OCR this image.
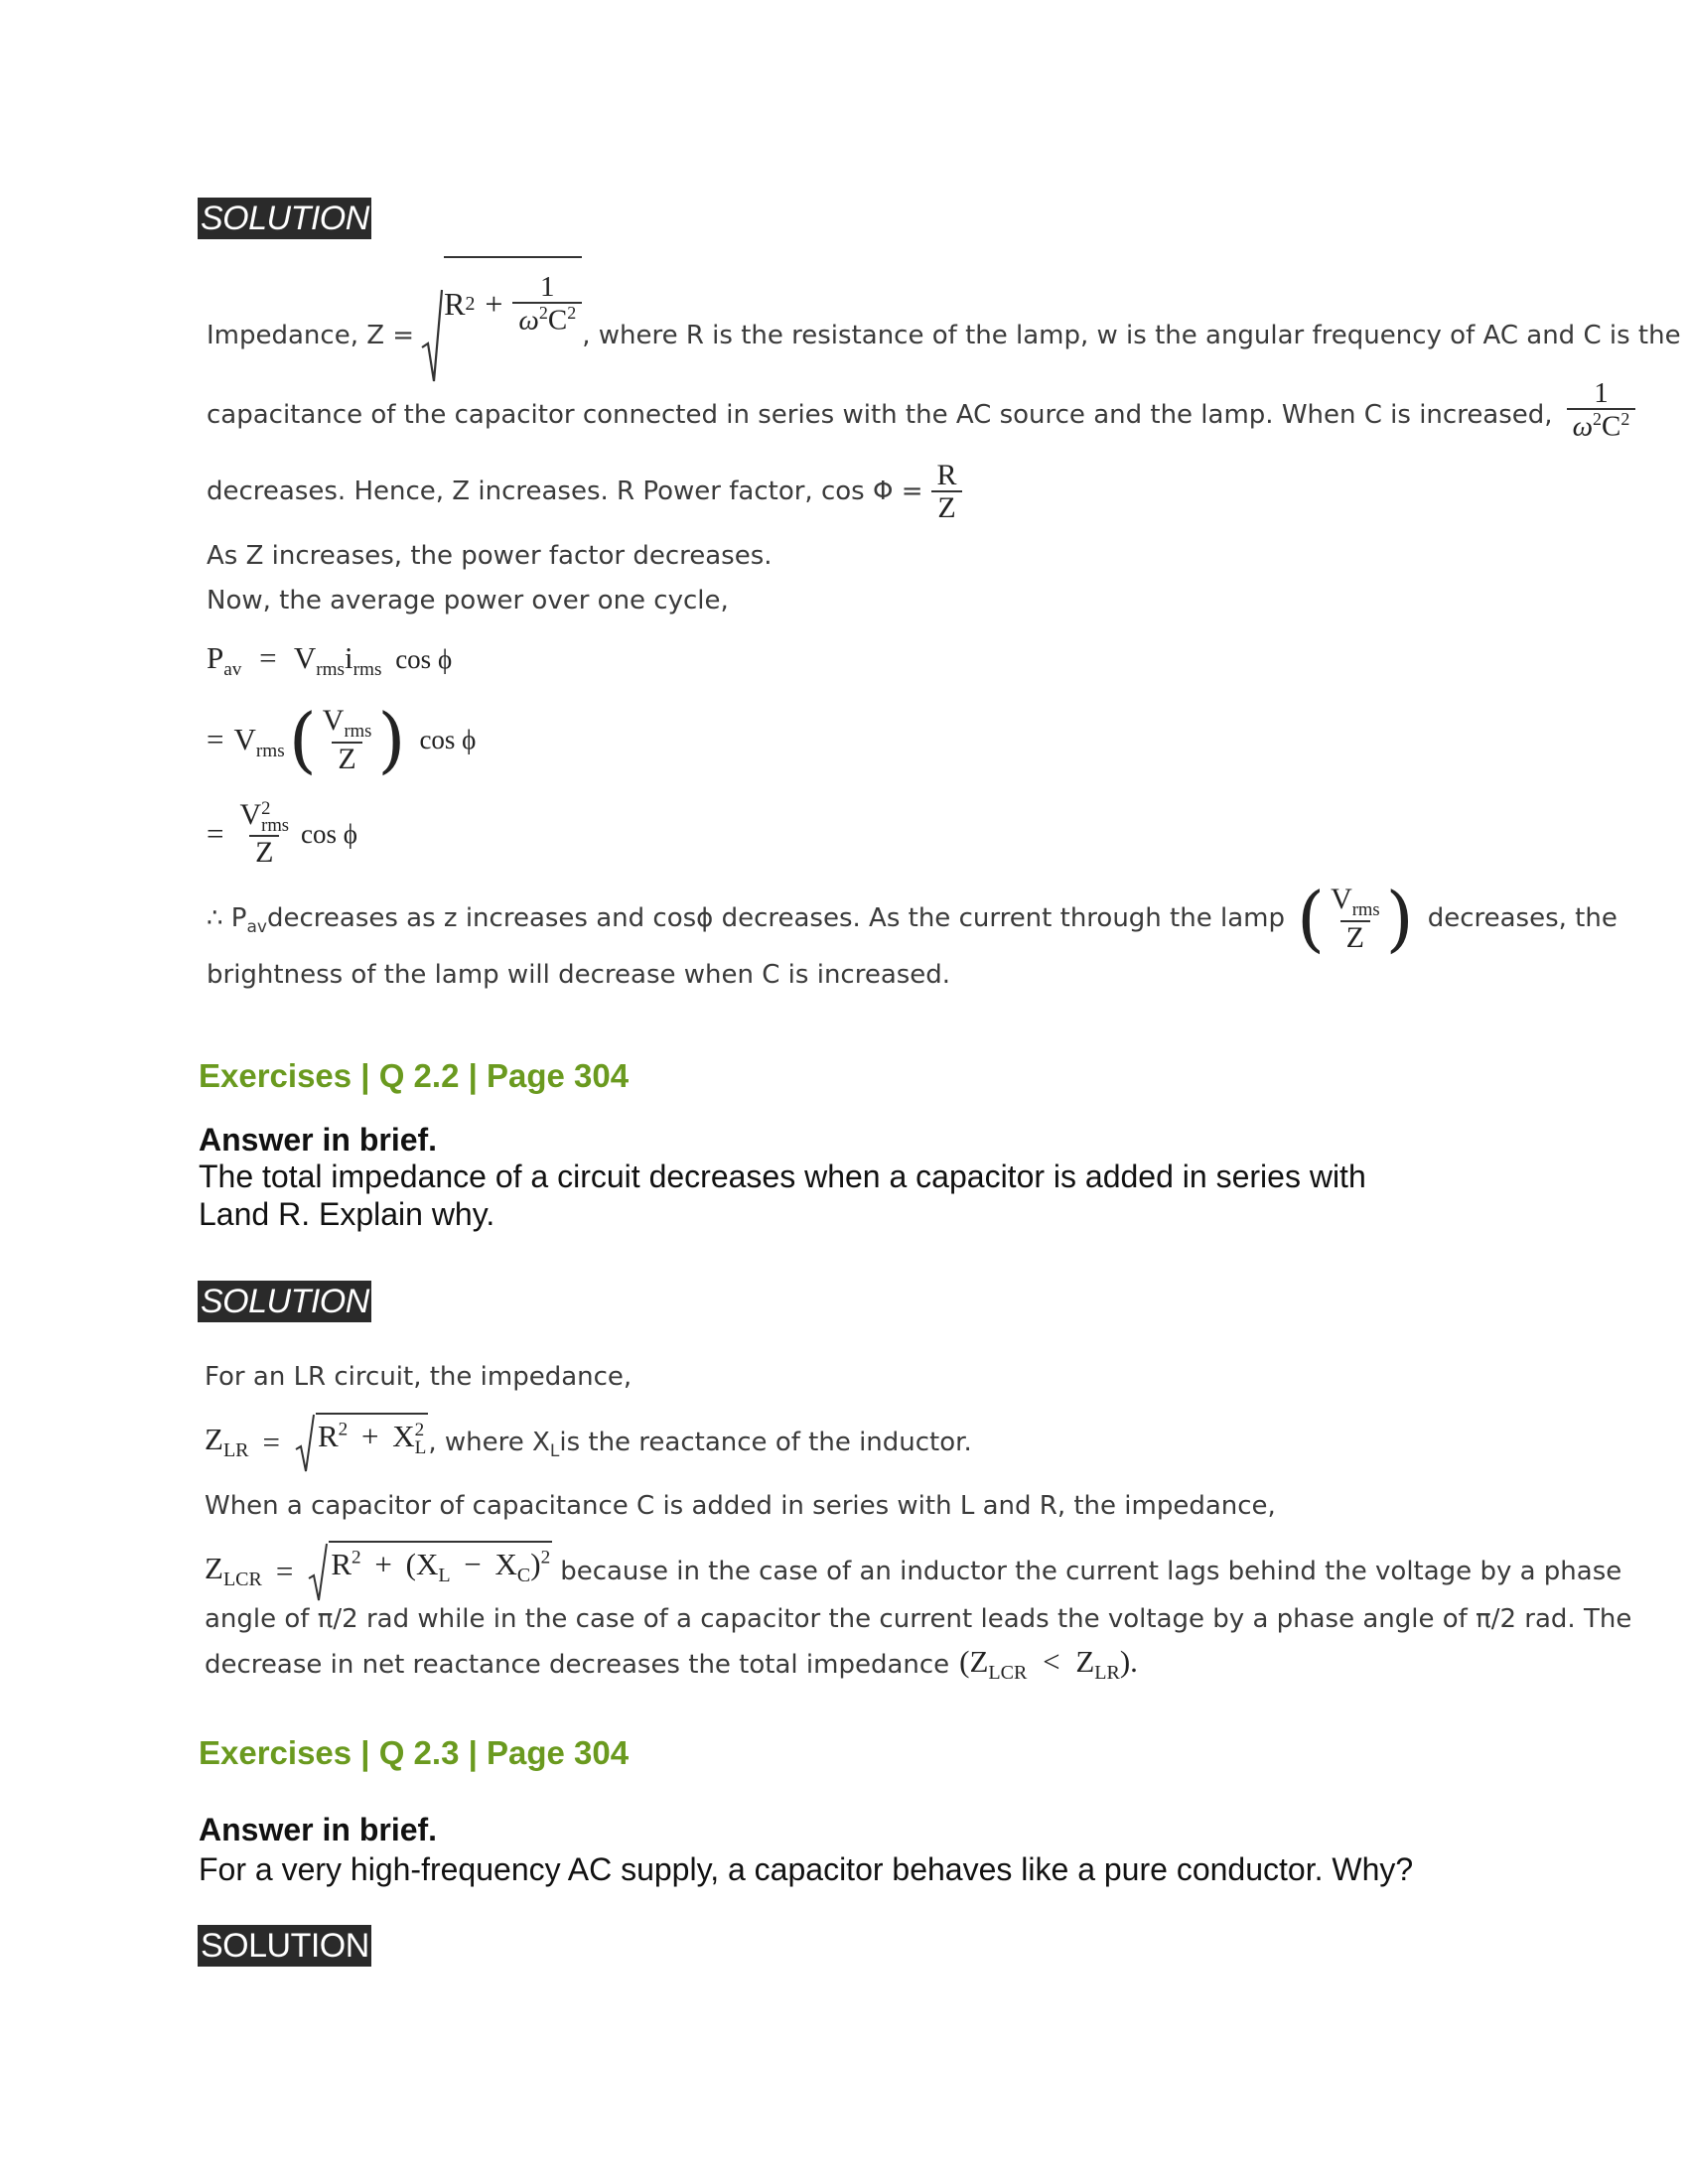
SOLUTION
Impedance, Z =
R $2 + \frac{1}{\omega^2C^2}$ , where R is the resistance of the lamp, w is the angular frequency of AC and C is the
capacitance of the capacitor connected in series with the AC source and the lamp. When C is increased, $\frac{1}{\omega^2C^2}$
decreases. Hence, Z increases. R Power factor, $\cos \Phi = \frac{R}{Z}$
As Z increases, the power factor decreases.
Now, the average power over one cycle,
$P_{av} = V_{rms}i_{rms}$ cos ϕ
= $V_{rms}$ ( $\frac{V_{rms}}{Z}$ ) cos ϕ
= V 2
rms
Z cos ϕ
∴ P av decreases as z increases and cosϕ decreases. As the current through the lamp ( $\frac{V_{rms}}{Z}$ ) decreases, the
brightness of the lamp will decrease when C is increased.
Exercises | Q 2.2 | Page 304
Answer in brief.
The total impedance of a circuit decreases when a capacitor is added in series with
Land R. Explain why.
SOLUTION
For an LR circuit, the impedance,
$Z_{LR} = R^2 + X$ 2
L , where X L is the reactance of the inductor.
When a capacitor of capacitance C is added in series with L and R, the impedance,
$Z_{LCR} = R^2 + (X_L - X_C)^2$ because in the case of an inductor the current lags behind the voltage by a phase
angle of π/2 rad while in the case of a capacitor the current leads the voltage by a phase angle of π/2 rad. The
decrease in net reactance decreases the total impedance $(Z_{LCR} < Z_{LR})$.
Exercises | Q 2.3 | Page 304
Answer in brief.
For a very high-frequency AC supply, a capacitor behaves like a pure conductor. Why?
SOLUTION
